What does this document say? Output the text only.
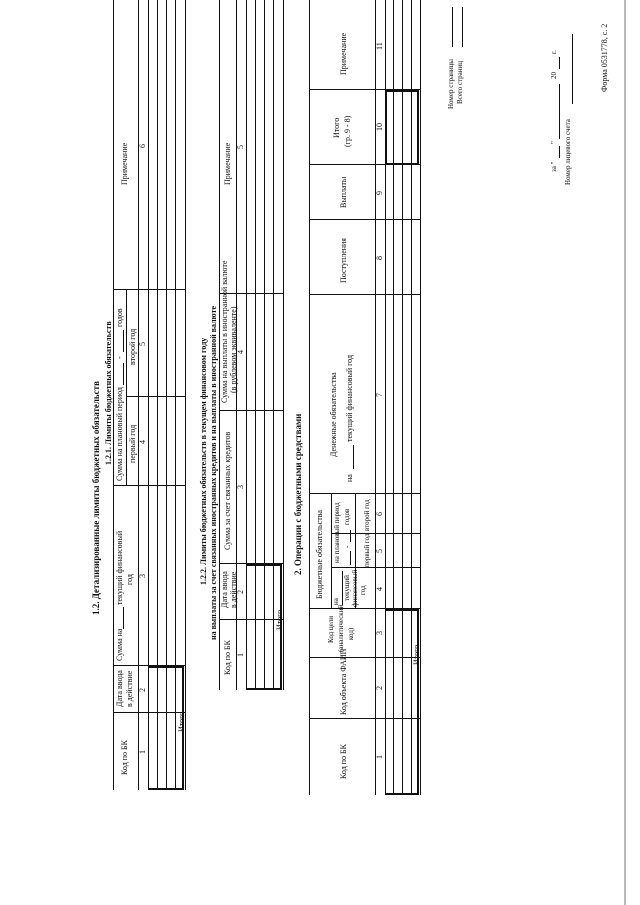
Форма 0531778, с. 2
Номер лицевого счета
за "
"
20
г.
1.2. Детализированные лимиты бюджетных обязательств 1.2.1. Лимиты бюджетных обязательств
Код по БК
Дата ввода в действие
Сумма на
текущий финансовый год
Сумма на плановый период
-
годов
первый год
второй год
Примечание
1
2
3
4
5
6
Итого
1.2.2. Лимиты бюджетных обязательств в текущем финансовом году на выплаты за счет связанных иностранных кредитов и на выплаты в иностранной валюте
Код по БК
Дата ввода в действие
Сумма за счет связанных кредитов
Сумма на выплаты в иностранной валюте (в рублевом эквиваленте)
Примечание
1
2
3
4
5
Итого
2. Операции с бюджетными средствами
Код по БК
Код объекта ФАИП
Код цели (аналитический код)
Бюджетные обязательства
на
текущий финансовый год
на плановый период -
годов
первый год
второй год
Денежные обязательства
на
текущий финансовый год
Поступления
Выплаты
Итого (гр. 9 - 8)
Примечание
1
2
3
4
5
6
7
8
9
10
11
Итого
Номер страницы Всего страниц
